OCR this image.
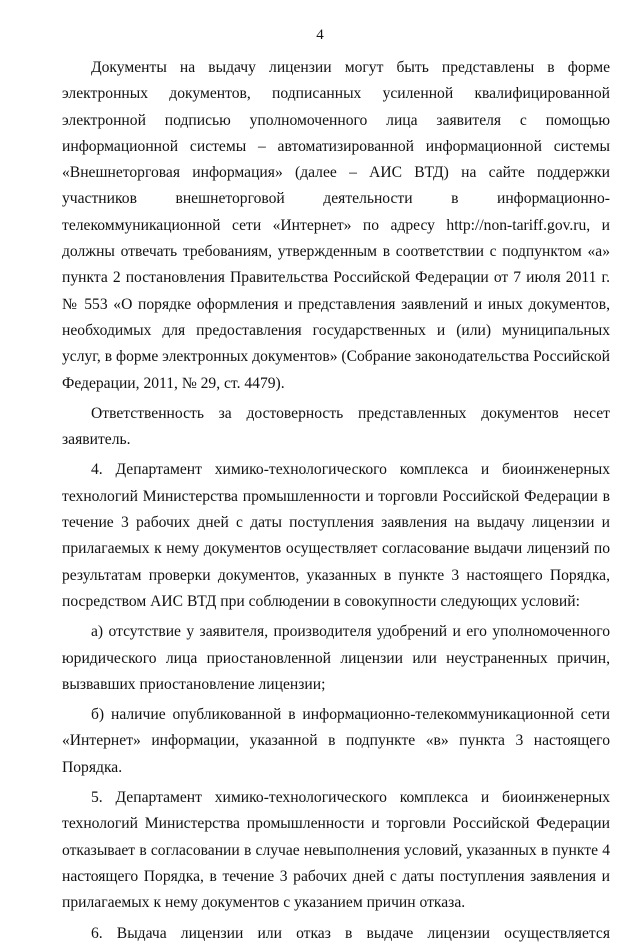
4

Документы на выдачу лицензии могут быть представлены в форме электронных документов, подписанных усиленной квалифицированной электронной подписью уполномоченного лица заявителя с помощью информационной системы – автоматизированной информационной системы «Внешнеторговая информация» (далее – АИС ВТД) на сайте поддержки участников внешнеторговой деятельности в информационно-телекоммуникационной сети «Интернет» по адресу http://non-tariff.gov.ru, и должны отвечать требованиям, утвержденным в соответствии с подпунктом «а» пункта 2 постановления Правительства Российской Федерации от 7 июля 2011 г. № 553 «О порядке оформления и представления заявлений и иных документов, необходимых для предоставления государственных и (или) муниципальных услуг, в форме электронных документов» (Собрание законодательства Российской Федерации, 2011, № 29, ст. 4479).

Ответственность за достоверность представленных документов несет заявитель.

4. Департамент химико-технологического комплекса и биоинженерных технологий Министерства промышленности и торговли Российской Федерации в течение 3 рабочих дней с даты поступления заявления на выдачу лицензии и прилагаемых к нему документов осуществляет согласование выдачи лицензий по результатам проверки документов, указанных в пункте 3 настоящего Порядка, посредством АИС ВТД при соблюдении в совокупности следующих условий:

а) отсутствие у заявителя, производителя удобрений и его уполномоченного юридического лица приостановленной лицензии или неустраненных причин, вызвавших приостановление лицензии;

б) наличие опубликованной в информационно-телекоммуникационной сети «Интернет» информации, указанной в подпункте «в» пункта 3 настоящего Порядка.

5. Департамент химико-технологического комплекса и биоинженерных технологий Министерства промышленности и торговли Российской Федерации отказывает в согласовании в случае невыполнения условий, указанных в пункте 4 настоящего Порядка, в течение 3 рабочих дней с даты поступления заявления и прилагаемых к нему документов с указанием причин отказа.

6. Выдача лицензии или отказ в выдаче лицензии осуществляется
